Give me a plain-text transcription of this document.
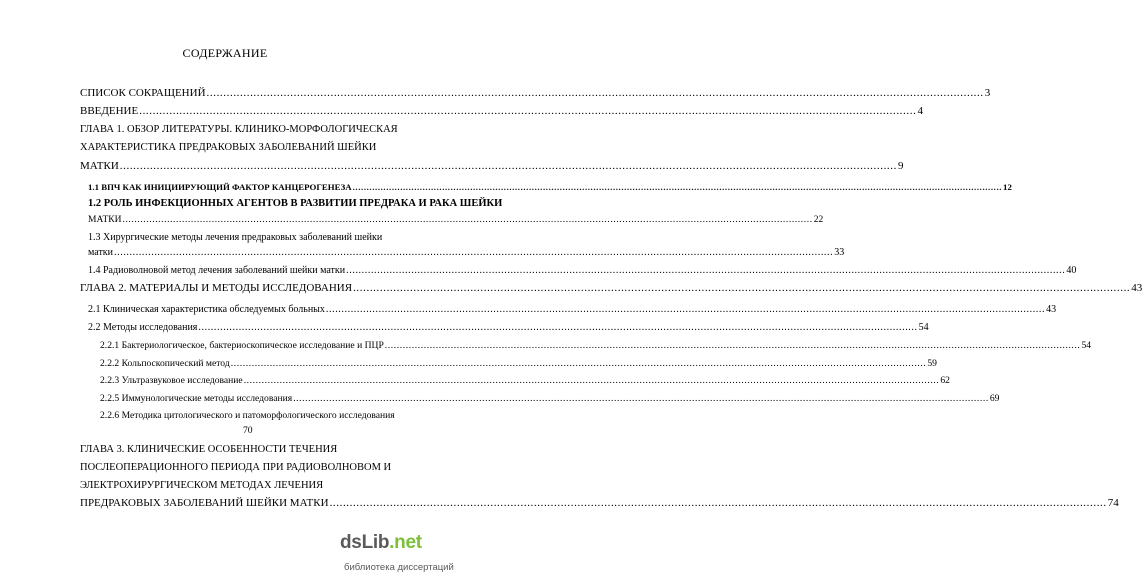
СОДЕРЖАНИЕ
СПИСОК СОКРАЩЕНИЙ .....	3
ВВЕДЕНИЕ .....	4
ГЛАВА 1. ОБЗОР ЛИТЕРАТУРЫ. КЛИНИКО-МОРФОЛОГИЧЕСКАЯ
ХАРАКТЕРИСТИКА ПРЕДРАКОВЫХ ЗАБОЛЕВАНИЙ ШЕЙКИ
МАТКИ .....	9
1.1 ВПЧ КАК ИНИЦИИРУЮЩИЙ ФАКТОР КАНЦЕРОГЕНЕЗА .....	12
1.2 РОЛЬ ИНФЕКЦИОННЫХ АГЕНТОВ В РАЗВИТИИ ПРЕДРАКА И РАКА ШЕЙКИ
МАТКИ .....	22
1.3 Хирургические методы лечения предраковых заболеваний шейки
матки .....	33
1.4 Радиоволновой метод лечения заболеваний шейки матки .....	40
ГЛАВА 2. МАТЕРИАЛЫ И МЕТОДЫ ИССЛЕДОВАНИЯ .....	43
2.1 Клиническая характеристика обследуемых больных .....	43
2.2 Методы исследования .....	54
2.2.1 Бактериологическое, бактериоскопическое исследование и ПЦР .....	54
2.2.2 Кольпоскопический метод .....	59
2.2.3 Ультразвуковое исследование .....	62
2.2.5 Иммунологические методы исследования .....	69
2.2.6 Методика цитологического и патоморфологического исследования
70
ГЛАВА 3. КЛИНИЧЕСКИЕ ОСОБЕННОСТИ ТЕЧЕНИЯ
ПОСЛЕОПЕРАЦИОННОГО ПЕРИОДА ПРИ РАДИОВОЛНОВОМ И
ЭЛЕКТРОХИРУРГИЧЕСКОМ МЕТОДАХ ЛЕЧЕНИЯ
ПРЕДРАКОВЫХ ЗАБОЛЕВАНИЙ ШЕЙКИ МАТКИ .....	74
dsLib.net
библиотека диссертаций
